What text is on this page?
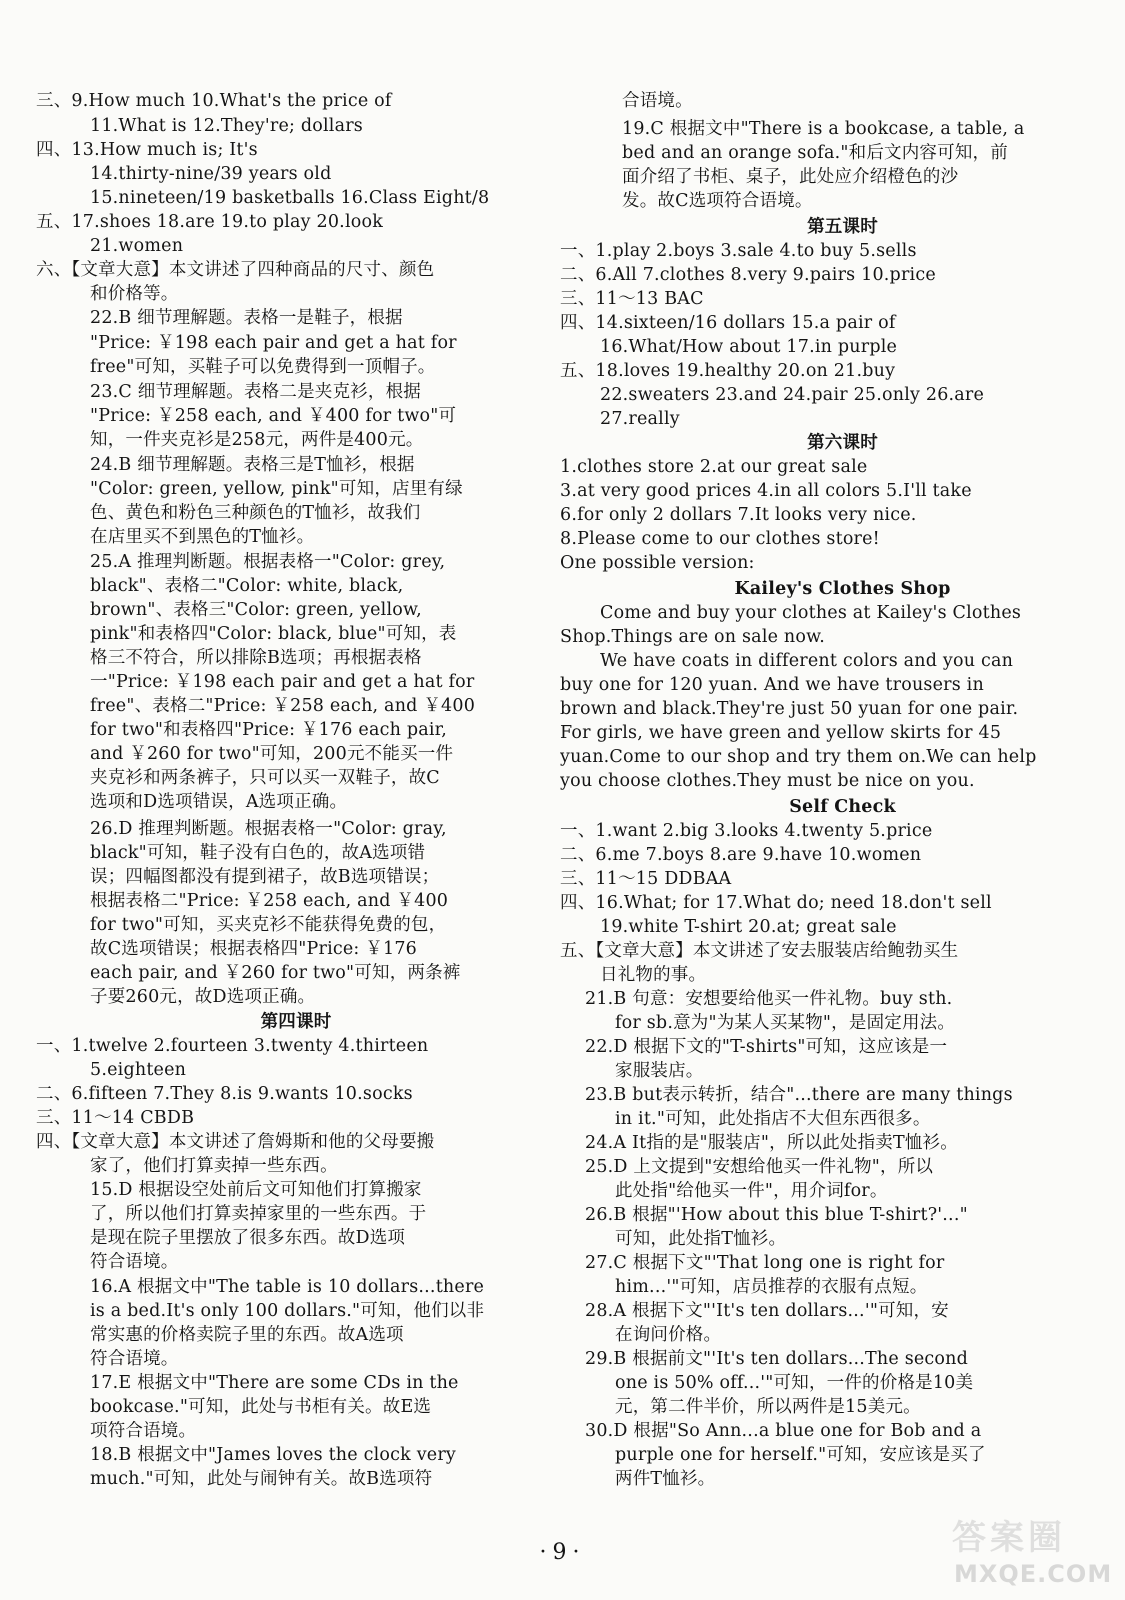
三、9.How much 10.What's the price of
11.What is 12.They're; dollars
四、13.How much is; It's
14.thirty-nine/39 years old
15.nineteen/19 basketballs 16.Class Eight/8
五、17.shoes 18.are 19.to play 20.look
21.women
六、【文章大意】本文讲述了四种商品的尺寸、颜色
和价格等。
22.B 细节理解题。表格一是鞋子，根据
"Price: ￥198 each pair and get a hat for
free"可知，买鞋子可以免费得到一顶帽子。
23.C 细节理解题。表格二是夹克衫，根据
"Price: ￥258 each, and ￥400 for two"可
知，一件夹克衫是258元，两件是400元。
24.B 细节理解题。表格三是T恤衫，根据
"Color: green, yellow, pink"可知，店里有绿
色、黄色和粉色三种颜色的T恤衫，故我们
在店里买不到黑色的T恤衫。
25.A 推理判断题。根据表格一"Color: grey,
black"、表格二"Color: white, black,
brown"、表格三"Color: green, yellow,
pink"和表格四"Color: black, blue"可知，表
格三不符合，所以排除B选项；再根据表格
一"Price: ￥198 each pair and get a hat for
free"、表格二"Price: ￥258 each, and ￥400
for two"和表格四"Price: ￥176 each pair,
and ￥260 for two"可知，200元不能买一件
夹克衫和两条裤子，只可以买一双鞋子，故C
选项和D选项错误，A选项正确。
26.D 推理判断题。根据表格一"Color: gray,
black"可知，鞋子没有白色的，故A选项错
误；四幅图都没有提到裙子，故B选项错误；
根据表格二"Price: ￥258 each, and ￥400
for two"可知，买夹克衫不能获得免费的包，
故C选项错误；根据表格四"Price: ￥176
each pair, and ￥260 for two"可知，两条裤
子要260元，故D选项正确。
第四课时
一、1.twelve 2.fourteen 3.twenty 4.thirteen
5.eighteen
二、6.fifteen 7.They 8.is 9.wants 10.socks
三、11～14 CBDB
四、【文章大意】本文讲述了詹姆斯和他的父母要搬
家了，他们打算卖掉一些东西。
15.D 根据设空处前后文可知他们打算搬家
了，所以他们打算卖掉家里的一些东西。于
是现在院子里摆放了很多东西。故D选项
符合语境。
16.A 根据文中"The table is 10 dollars...there
is a bed.It's only 100 dollars."可知，他们以非
常实惠的价格卖院子里的东西。故A选项
符合语境。
17.E 根据文中"There are some CDs in the
bookcase."可知，此处与书柜有关。故E选
项符合语境。
18.B 根据文中"James loves the clock very
much."可知，此处与闹钟有关。故B选项符
合语境。
19.C 根据文中"There is a bookcase, a table, a
bed and an orange sofa."和后文内容可知，前
面介绍了书柜、桌子，此处应介绍橙色的沙
发。故C选项符合语境。
第五课时
一、1.play 2.boys 3.sale 4.to buy 5.sells
二、6.All 7.clothes 8.very 9.pairs 10.price
三、11～13 BAC
四、14.sixteen/16 dollars 15.a pair of
16.What/How about 17.in purple
五、18.loves 19.healthy 20.on 21.buy
22.sweaters 23.and 24.pair 25.only 26.are
27.really
第六课时
1.clothes store 2.at our great sale
3.at very good prices 4.in all colors 5.I'll take
6.for only 2 dollars 7.It looks very nice.
8.Please come to our clothes store!
One possible version:
Kailey's Clothes Shop
Come and buy your clothes at Kailey's Clothes
Shop.Things are on sale now.
We have coats in different colors and you can
buy one for 120 yuan. And we have trousers in
brown and black.They're just 50 yuan for one pair.
For girls, we have green and yellow skirts for 45
yuan.Come to our shop and try them on.We can help
you choose clothes.They must be nice on you.
Self Check
一、1.want 2.big 3.looks 4.twenty 5.price
二、6.me 7.boys 8.are 9.have 10.women
三、11～15 DDBAA
四、16.What; for 17.What do; need 18.don't sell
19.white T-shirt 20.at; great sale
五、【文章大意】本文讲述了安去服装店给鲍勃买生
日礼物的事。
21.B 句意：安想要给他买一件礼物。buy sth.
for sb.意为"为某人买某物"，是固定用法。
22.D 根据下文的"T-shirts"可知，这应该是一
家服装店。
23.B but表示转折，结合"...there are many things
in it."可知，此处指店不大但东西很多。
24.A It指的是"服装店"，所以此处指卖T恤衫。
25.D 上文提到"安想给他买一件礼物"，所以
此处指"给他买一件"，用介词for。
26.B 根据"'How about this blue T-shirt?'..."
可知，此处指T恤衫。
27.C 根据下文"'That long one is right for
him...'"可知，店员推荐的衣服有点短。
28.A 根据下文"'It's ten dollars...'"可知，安
在询问价格。
29.B 根据前文"'It's ten dollars...The second
one is 50% off...'"可知，一件的价格是10美
元，第二件半价，所以两件是15美元。
30.D 根据"So Ann...a blue one for Bob and a
purple one for herself."可知，安应该是买了
两件T恤衫。
·9·	答案圈
MXQE.COM
